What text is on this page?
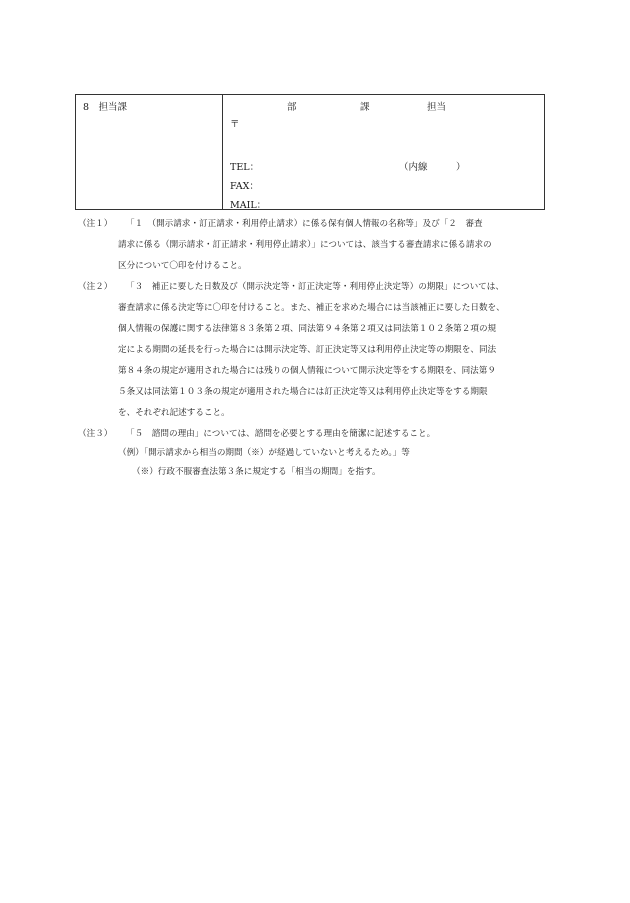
8　担当課	部	課	担当
〒
TEL：	（内線　　　）
FAX：
MAIL：
（注１） 「１　（開示請求・訂正請求・利用停止請求）に係る保有個人情報の名称等」及び「２　審査
請求に係る（開示請求・訂正請求・利用停止請求）」については、該当する審査請求に係る請求の
区分について〇印を付けること。
（注２） 「３　補正に要した日数及び（開示決定等・訂正決定等・利用停止決定等）の期限」については、
審査請求に係る決定等に〇印を付けること。また、補正を求めた場合には当該補正に要した日数を、
個人情報の保護に関する法律第８３条第２項、同法第９４条第２項又は同法第１０２条第２項の規
定による期間の延長を行った場合には開示決定等、訂正決定等又は利用停止決定等の期限を、同法
第８４条の規定が適用された場合には残りの個人情報について開示決定等をする期限を、同法第９
５条又は同法第１０３条の規定が適用された場合には訂正決定等又は利用停止決定等をする期限
を、それぞれ記述すること。
（注３） 「５　諮問の理由」については、諮問を必要とする理由を簡潔に記述すること。
（例）「開示請求から相当の期間（※）が経過していないと考えるため。」等
（※）行政不服審査法第３条に規定する「相当の期間」を指す。
